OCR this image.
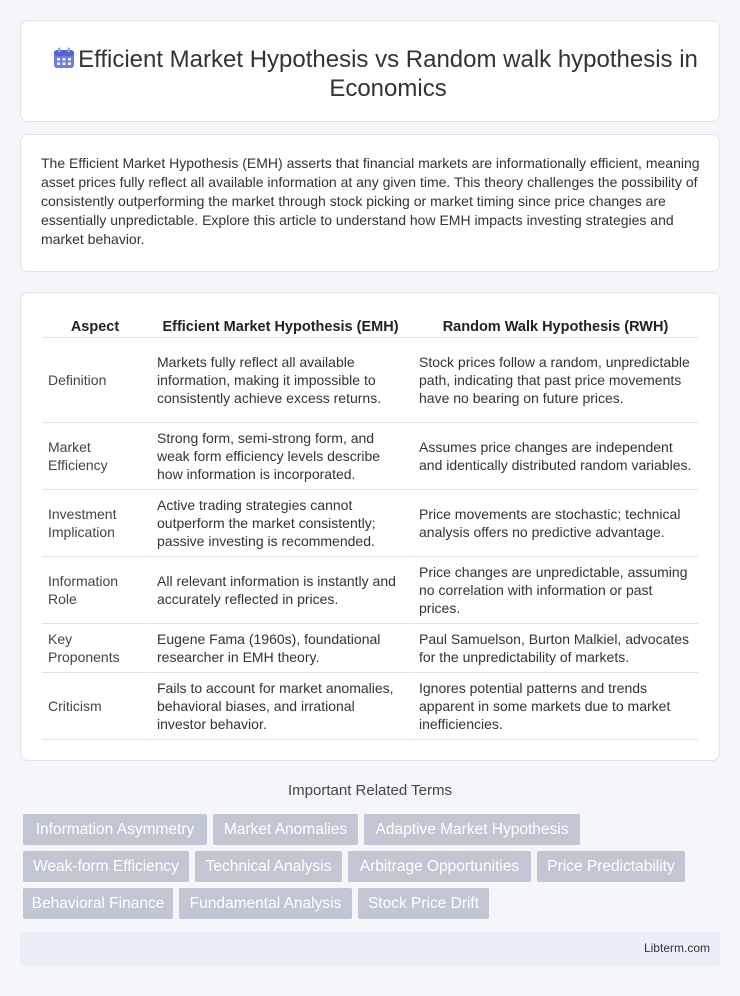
Efficient Market Hypothesis vs Random walk hypothesis in Economics

The Efficient Market Hypothesis (EMH) asserts that financial markets are informationally efficient, meaning asset prices fully reflect all available information at any given time. This theory challenges the possibility of consistently outperforming the market through stock picking or market timing since price changes are essentially unpredictable. Explore this article to understand how EMH impacts investing strategies and market behavior.

Aspect	Efficient Market Hypothesis (EMH)	Random Walk Hypothesis (RWH)
Definition	Markets fully reflect all available information, making it impossible to consistently achieve excess returns.	Stock prices follow a random, unpredictable path, indicating that past price movements have no bearing on future prices.
Market Efficiency	Strong form, semi-strong form, and weak form efficiency levels describe how information is incorporated.	Assumes price changes are independent and identically distributed random variables.
Investment Implication	Active trading strategies cannot outperform the market consistently; passive investing is recommended.	Price movements are stochastic; technical analysis offers no predictive advantage.
Information Role	All relevant information is instantly and accurately reflected in prices.	Price changes are unpredictable, assuming no correlation with information or past prices.
Key Proponents	Eugene Fama (1960s), foundational researcher in EMH theory.	Paul Samuelson, Burton Malkiel, advocates for the unpredictability of markets.
Criticism	Fails to account for market anomalies, behavioral biases, and irrational investor behavior.	Ignores potential patterns and trends apparent in some markets due to market inefficiencies.
Important Related Terms
Information Asymmetry	Market Anomalies	Adaptive Market Hypothesis
Weak-form Efficiency	Technical Analysis	Arbitrage Opportunities	Price Predictability
Behavioral Finance	Fundamental Analysis	Stock Price Drift
Libterm.com
